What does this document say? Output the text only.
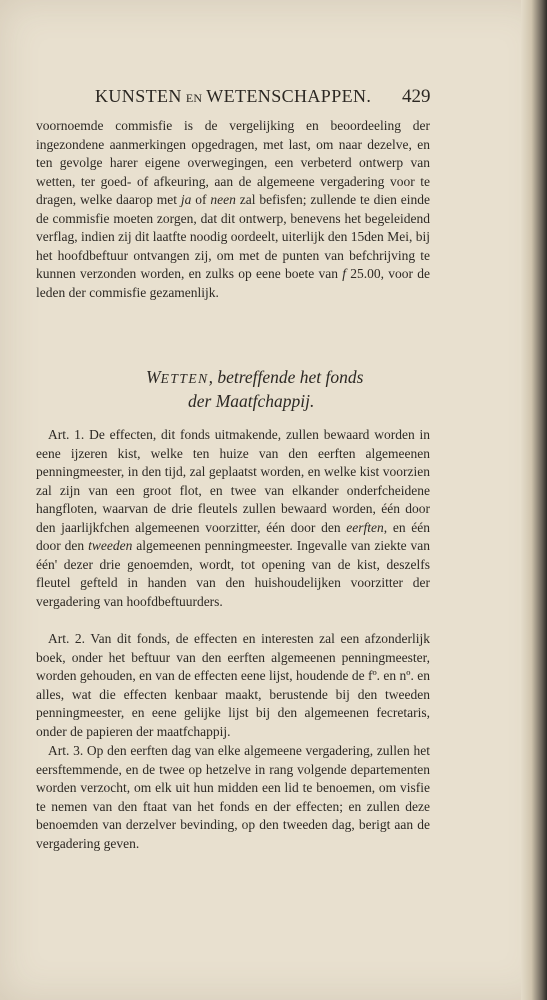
KUNSTEN EN WETENSCHAPPEN.	429

voornoemde commisfie is de vergelijking en beoordeeling der ingezondene aanmerkingen opgedragen, met last, om naar dezelve, en ten gevolge harer eigene overwegingen, een verbeterd ontwerp van wetten, ter goed- of afkeuring, aan de algemeene vergadering voor te dragen, welke daarop met ja of neen zal befisfen; zullende te dien einde de commisfie moeten zorgen, dat dit ontwerp, benevens het begeleidend verflag, indien zij dit laatfte noodig oordeelt, uiterlijk den 15den Mei, bij het hoofdbeftuur ontvangen zij, om met de punten van befchrijving te kunnen verzonden worden, en zulks op eene boete van f 25.00, voor de leden der commisfie gezamenlijk.

WETTEN, betreffende het fonds
der Maatfchappij.

Art. 1. De effecten, dit fonds uitmakende, zullen bewaard worden in eene ijzeren kist, welke ten huize van den eerften algemeenen penningmeester, in den tijd, zal geplaatst worden, en welke kist voorzien zal zijn van een groot flot, en twee van elkander onderfcheidene hangfloten, waarvan de drie fleutels zullen bewaard worden, één door den jaarlijkfchen algemeenen voorzitter, één door den eerften, en één door den tweeden algemeenen penningmeester. Ingevalle van ziekte van één' dezer drie genoemden, wordt, tot opening van de kist, deszelfs fleutel gefteld in handen van den huishoudelijken voorzitter der vergadering van hoofdbeftuurders.

Art. 2. Van dit fonds, de effecten en interesten zal een afzonderlijk boek, onder het beftuur van den eerften algemeenen penningmeester, worden gehouden, en van de effecten eene lijst, houdende de fº. en nº. en alles, wat die effecten kenbaar maakt, berustende bij den tweeden penningmeester, en eene gelijke lijst bij den algemeenen fecretaris, onder de papieren der maatfchappij.

Art. 3. Op den eerften dag van elke algemeene vergadering, zullen het eersftemmende, en de twee op hetzelve in rang volgende departementen worden verzocht, om elk uit hun midden een lid te benoemen, om visfie te nemen van den ftaat van het fonds en der effecten; en zullen deze benoemden van derzelver bevinding, op den tweeden dag, berigt aan de vergadering geven.
